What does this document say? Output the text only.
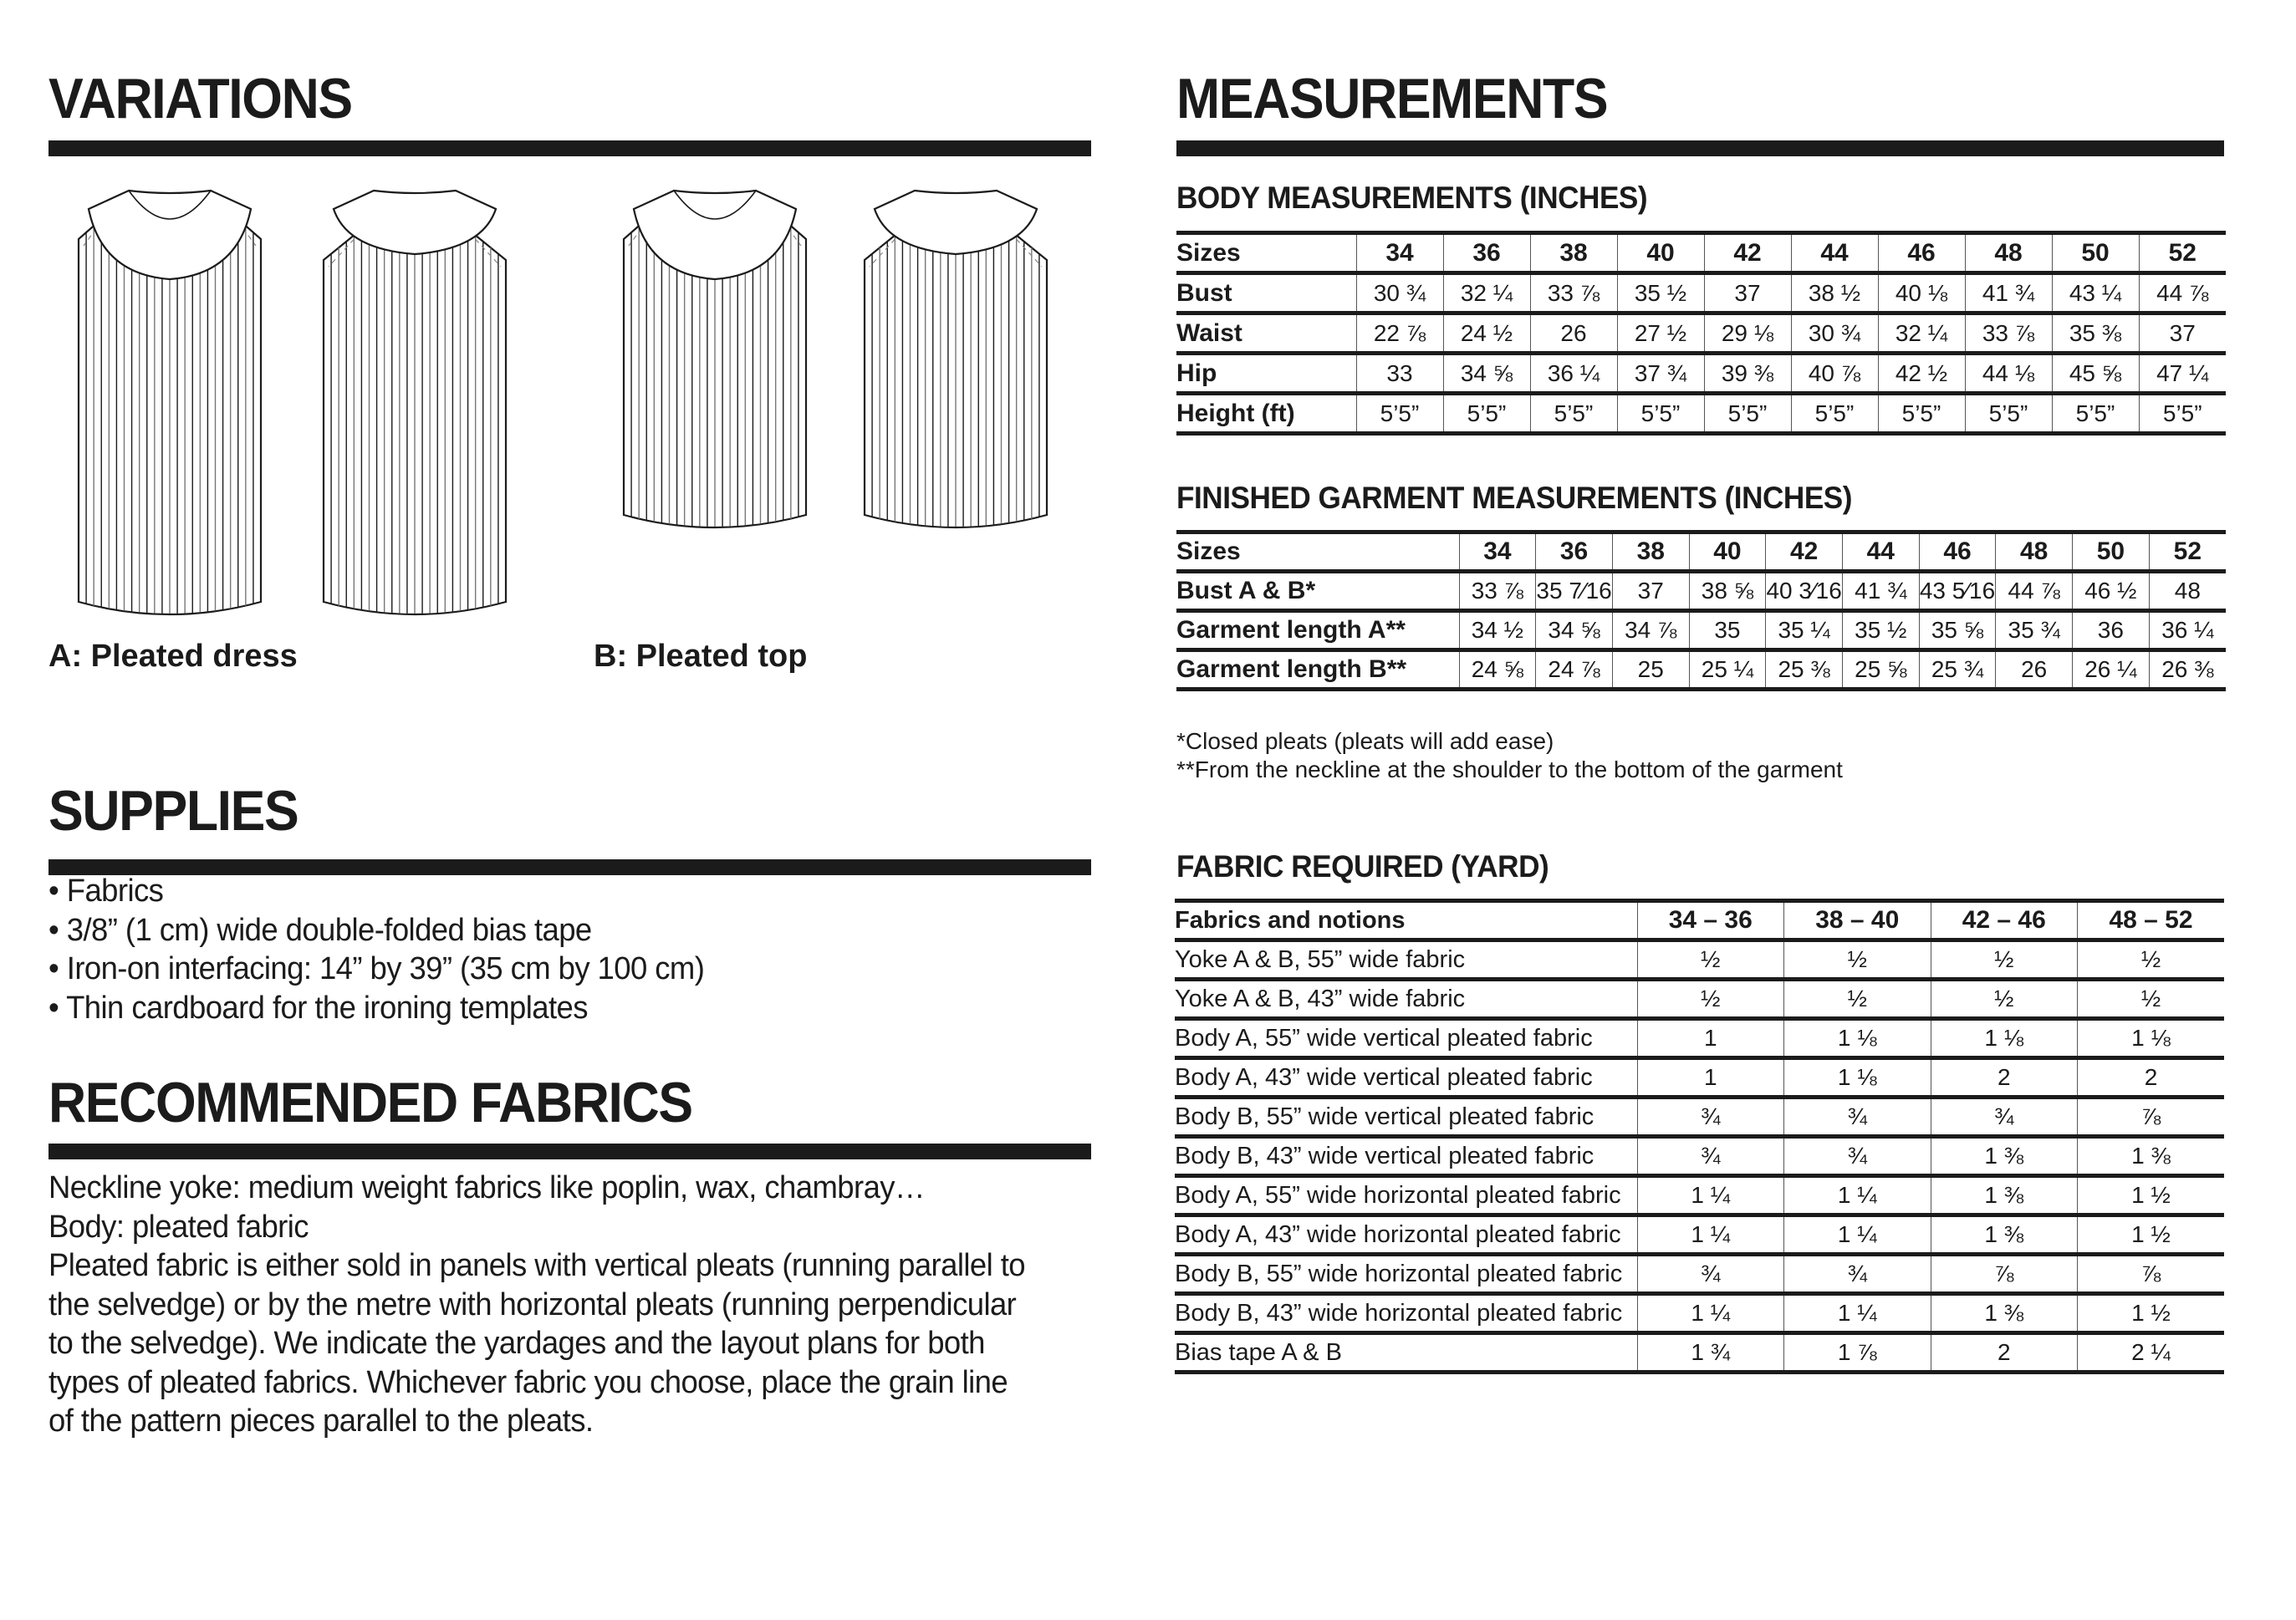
VARIATIONS
A: Pleated dress	B: Pleated top
SUPPLIES
• Fabrics
• 3/8” (1 cm) wide double-folded bias tape
• Iron-on interfacing: 14” by 39” (35 cm by 100 cm)
• Thin cardboard for the ironing templates
RECOMMENDED FABRICS
Neckline yoke: medium weight fabrics like poplin, wax, chambray…
Body: pleated fabric
Pleated fabric is either sold in panels with vertical pleats (running parallel to
the selvedge) or by the metre with horizontal pleats (running perpendicular
to the selvedge). We indicate the yardages and the layout plans for both
types of pleated fabrics. Whichever fabric you choose, place the grain line
of the pattern pieces parallel to the pleats.
MEASUREMENTS
BODY MEASUREMENTS (INCHES)
Sizes	34	36	38	40	42	44	46	48	50	52
Bust	30 ¾	32 ¼	33 ⅞	35 ½	37	38 ½	40 ⅛	41 ¾	43 ¼	44 ⅞
Waist	22 ⅞	24 ½	26	27 ½	29 ⅛	30 ¾	32 ¼	33 ⅞	35 ⅜	37
Hip	33	34 ⅝	36 ¼	37 ¾	39 ⅜	40 ⅞	42 ½	44 ⅛	45 ⅝	47 ¼
Height (ft)	5’5”	5’5”	5’5”	5’5”	5’5”	5’5”	5’5”	5’5”	5’5”	5’5”
FINISHED GARMENT MEASUREMENTS (INCHES)
Sizes	34	36	38	40	42	44	46	48	50	52
Bust A & B*	33 ⅞	35 7⁄16	37	38 ⅝	40 3⁄16	41 ¾	43 5⁄16	44 ⅞	46 ½	48
Garment length A**	34 ½	34 ⅝	34 ⅞	35	35 ¼	35 ½	35 ⅝	35 ¾	36	36 ¼
Garment length B**	24 ⅝	24 ⅞	25	25 ¼	25 ⅜	25 ⅝	25 ¾	26	26 ¼	26 ⅜
*Closed pleats (pleats will add ease)
**From the neckline at the shoulder to the bottom of the garment
FABRIC REQUIRED (YARD)
Fabrics and notions	34 – 36	38 – 40	42 – 46	48 – 52
Yoke A & B, 55” wide fabric	½	½	½	½
Yoke A & B, 43” wide fabric	½	½	½	½
Body A, 55” wide vertical pleated fabric	1	1 ⅛	1 ⅛	1 ⅛
Body A, 43” wide vertical pleated fabric	1	1 ⅛	2	2
Body B, 55” wide vertical pleated fabric	¾	¾	¾	⅞
Body B, 43” wide vertical pleated fabric	¾	¾	1 ⅜	1 ⅜
Body A, 55” wide horizontal pleated fabric	1 ¼	1 ¼	1 ⅜	1 ½
Body A, 43” wide horizontal pleated fabric	1 ¼	1 ¼	1 ⅜	1 ½
Body B, 55” wide horizontal pleated fabric	¾	¾	⅞	⅞
Body B, 43” wide horizontal pleated fabric	1 ¼	1 ¼	1 ⅜	1 ½
Bias tape A & B	1 ¾	1 ⅞	2	2 ¼
